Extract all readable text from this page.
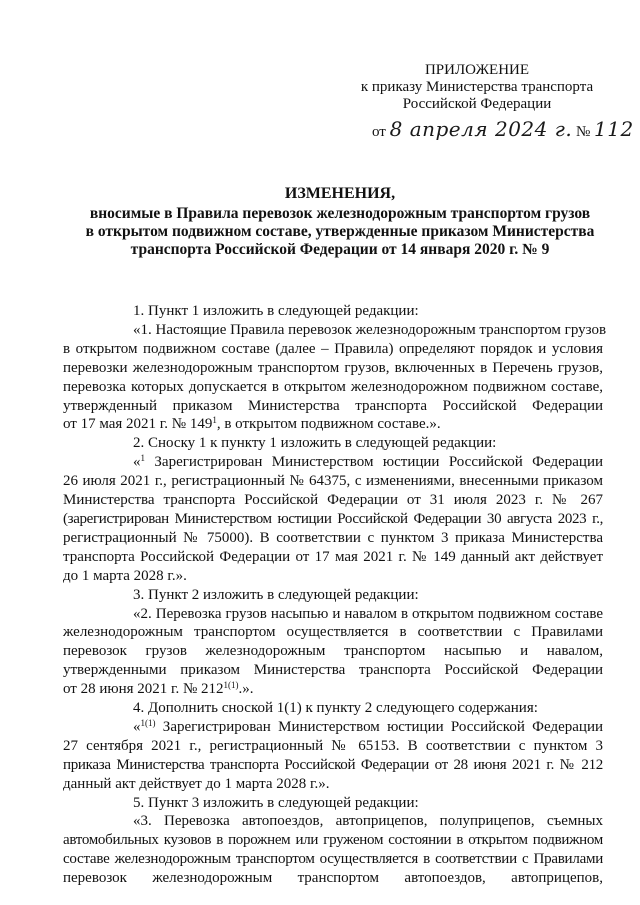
ПРИЛОЖЕНИЕ
к приказу Министерства транспорта
Российской Федерации
от 8 апреля 2024 г. № 112
ИЗМЕНЕНИЯ,
вносимые в Правила перевозок железнодорожным транспортом грузов
в открытом подвижном составе, утвержденные приказом Министерства
транспорта Российской Федерации от 14 января 2020 г. № 9
1. Пункт 1 изложить в следующей редакции:
«1. Настоящие Правила перевозок железнодорожным транспортом грузов
в открытом подвижном составе (далее – Правила) определяют порядок и условия
перевозки железнодорожным транспортом грузов, включенных в Перечень грузов,
перевозка которых допускается в открытом железнодорожном подвижном составе,
утвержденный приказом Министерства транспорта Российской Федерации
от 17 мая 2021 г. № $149^1$, в открытом подвижном составе.».
2. Сноску 1 к пункту 1 изложить в следующей редакции:
«$^1$ Зарегистрирован Министерством юстиции Российской Федерации
26 июля 2021 г., регистрационный № 64375, с изменениями, внесенными приказом
Министерства транспорта Российской Федерации от 31 июля 2023 г. № 267
(зарегистрирован Министерством юстиции Российской Федерации 30 августа 2023 г.,
регистрационный № 75000). В соответствии с пунктом 3 приказа Министерства
транспорта Российской Федерации от 17 мая 2021 г. № 149 данный акт действует
до 1 марта 2028 г.».
3. Пункт 2 изложить в следующей редакции:
«2. Перевозка грузов насыпью и навалом в открытом подвижном составе
железнодорожным транспортом осуществляется в соответствии с Правилами
перевозок грузов железнодорожным транспортом насыпью и навалом,
утвержденными приказом Министерства транспорта Российской Федерации
от 28 июня 2021 г. № $212^{1(1)}$.».
4. Дополнить сноской 1(1) к пункту 2 следующего содержания:
«$^{1(1)}$ Зарегистрирован Министерством юстиции Российской Федерации
27 сентября 2021 г., регистрационный № 65153. В соответствии с пунктом 3
приказа Министерства транспорта Российской Федерации от 28 июня 2021 г. № 212
данный акт действует до 1 марта 2028 г.».
5. Пункт 3 изложить в следующей редакции:
«3. Перевозка автопоездов, автоприцепов, полуприцепов, съемных
автомобильных кузовов в порожнем или груженом состоянии в открытом подвижном
составе железнодорожным транспортом осуществляется в соответствии с Правилами
перевозок железнодорожным транспортом автопоездов, автоприцепов,
